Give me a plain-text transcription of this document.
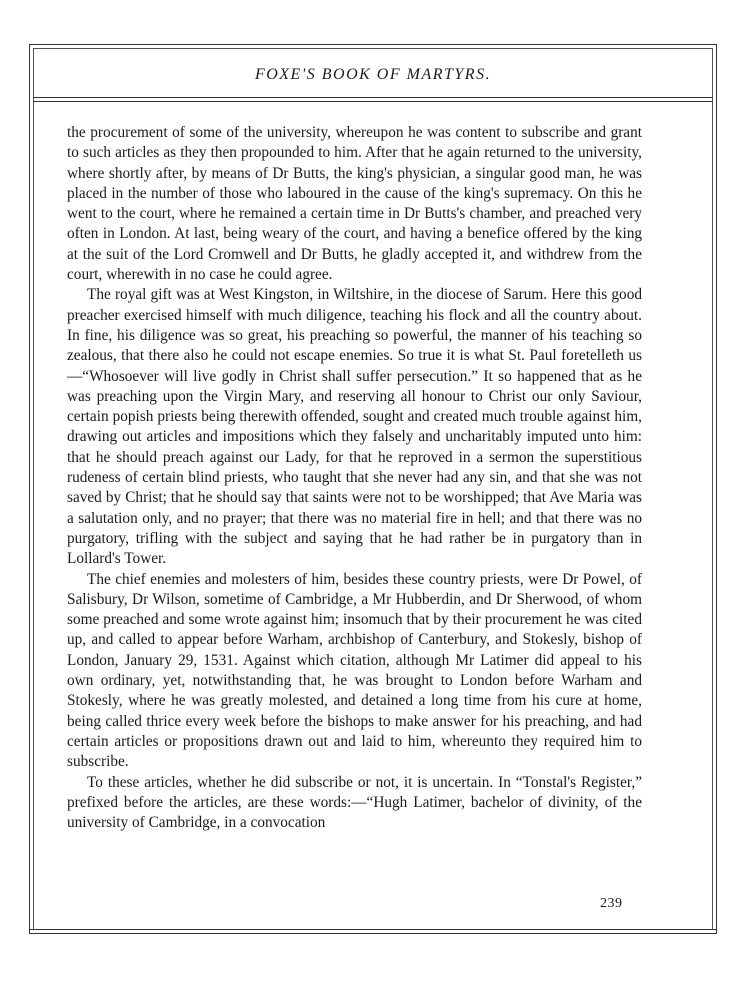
FOXE'S BOOK OF MARTYRS.

the procurement of some of the university, whereupon he was content to subscribe and grant to such articles as they then propounded to him. After that he again returned to the university, where shortly after, by means of Dr Butts, the king's physician, a singular good man, he was placed in the number of those who laboured in the cause of the king's supremacy. On this he went to the court, where he remained a certain time in Dr Butts's chamber, and preached very often in London. At last, being weary of the court, and having a benefice offered by the king at the suit of the Lord Cromwell and Dr Butts, he gladly accepted it, and withdrew from the court, wherewith in no case he could agree.

The royal gift was at West Kingston, in Wiltshire, in the diocese of Sarum. Here this good preacher exercised himself with much diligence, teaching his flock and all the country about. In fine, his diligence was so great, his preaching so powerful, the manner of his teaching so zealous, that there also he could not escape enemies. So true it is what St. Paul foretelleth us—“Whosoever will live godly in Christ shall suffer persecution.” It so happened that as he was preaching upon the Virgin Mary, and reserving all honour to Christ our only Saviour, certain popish priests being therewith offended, sought and created much trouble against him, drawing out articles and impositions which they falsely and uncharitably imputed unto him: that he should preach against our Lady, for that he reproved in a sermon the superstitious rudeness of certain blind priests, who taught that she never had any sin, and that she was not saved by Christ; that he should say that saints were not to be worshipped; that Ave Maria was a salutation only, and no prayer; that there was no material fire in hell; and that there was no purgatory, trifling with the subject and saying that he had rather be in purgatory than in Lollard's Tower.

The chief enemies and molesters of him, besides these country priests, were Dr Powel, of Salisbury, Dr Wilson, sometime of Cambridge, a Mr Hubberdin, and Dr Sherwood, of whom some preached and some wrote against him; insomuch that by their procurement he was cited up, and called to appear before Warham, archbishop of Canterbury, and Stokesly, bishop of London, January 29, 1531. Against which citation, although Mr Latimer did appeal to his own ordinary, yet, notwithstanding that, he was brought to London before Warham and Stokesly, where he was greatly molested, and detained a long time from his cure at home, being called thrice every week before the bishops to make answer for his preaching, and had certain articles or propositions drawn out and laid to him, whereunto they required him to subscribe.

To these articles, whether he did subscribe or not, it is uncertain. In “Tonstal's Register,” prefixed before the articles, are these words:—“Hugh Latimer, bachelor of divinity, of the university of Cambridge, in a convocation

239
